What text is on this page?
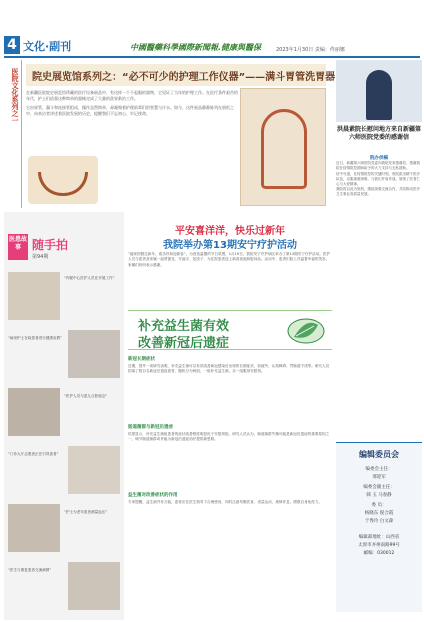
4 文化·副刊	中國醫藥科學國際新聞報.健康與醫保	2023年1月30日 责编：佟丽娜
医院文化系列之一 院史展览馆系列之：“必不可少的护理工作仪器”——满斗胃管洗胃器

在新疆医院院史展览馆珍藏的医疗设备展品中，有这样一个不起眼的器物，它见证了当年的护理工作。在医疗条件艰苦的年代，护士们依靠这种简单的器械完成了大量的洗胃救治工作。

它由胃管、漏斗和连接管组成，操作虽然简单，却凝聚着护理前辈们的智慧与汗水。如今，这件展品静静陈列在展柜之中，向来访者讲述着医院发展的历史，提醒我们不忘初心、牢记使命。

洪晨素院长慰问地方来自新疆第六师医院党委的感谢信
院办供稿

近日，新疆第六师医院党委向我院发来感谢信，感谢我院在疫情防控期间给予的大力支持与无私援助。

信中写道，在疫情防控的关键时刻，贵院派出精干医疗队伍，克服重重困难，与我们并肩作战，展现了医者仁心与大爱精神。

我院将以此为契机，继续加强交流合作，共同推动医疗卫生事业高质量发展。

编辑委员会
编委会主任：
邢迎军
编委会副主任：
韩 玉 马春静
委 员：
杨晓东 倪合霞
于秀玲 白文森
编辑部地址：山西省
太原市并州南路99号
邮编：030012
医患故事 随手拍
第94期
“内窥中心医护人员在开展工作”
“病房护士在给患者进行健康宣教”
“医护人员与患儿合影留念”
“门诊大厅志愿者正在引导患者”
“护士为老年患者测量血压”
“医生与康复患者交流病情”
平安喜洋洋，快乐过新年
我院举办第13期安宁疗护活动

“阖家团圆过新年，欢乐祥和迎新春”，为营造温馨的节日氛围，1月19日，我院安宁疗护病区举办了第13期安宁疗护活动。医护人员与患者及家属一起剪窗花、写福字、包饺子，为住院患者送上新春祝福和慰问品。活动中，患者们脸上洋溢着幸福的笑容，家属们纷纷表示感谢。

补充益生菌有效
改善新冠后遗症
新冠长期症状

近期，国外一项研究表明，补充益生菌可以有效改善新冠感染后出现的长期症状，如疲劳、认知障碍、胃肠道不适等。研究人员招募了数百名新冠后遗症患者，随机分为两组，一组补充益生菌，另一组服用安慰剂。

肠道菌群与新冠后遗症

结果显示，补充益生菌组患者的症状改善程度明显优于安慰剂组。研究人员认为，肠道菌群失衡可能是新冠后遗症的重要原因之一，调节肠道菌群或许能为新冠后遗症治疗提供新思路。

益生菌对改善症状的作用

专家提醒，益生菌并非万能，患者应在医生指导下合理使用，同时注意均衡饮食、适量运动、规律作息，增强自身免疫力。
